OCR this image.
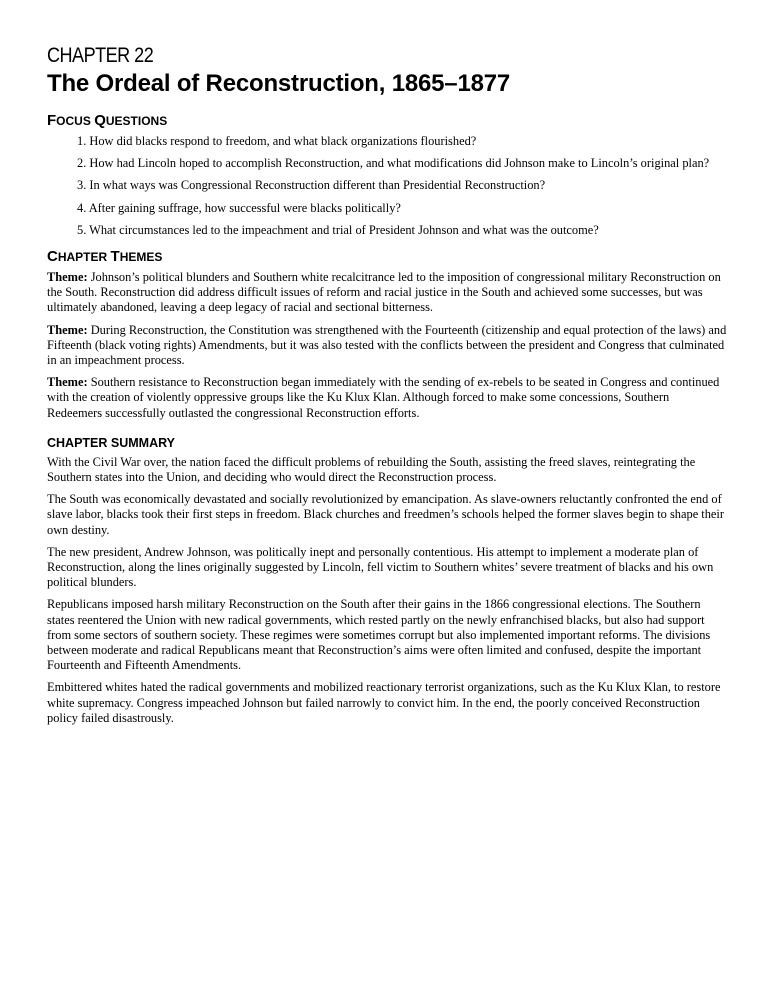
CHAPTER 22
The Ordeal of Reconstruction, 1865–1877
FOCUS QUESTIONS
1. How did blacks respond to freedom, and what black organizations flourished?
2. How had Lincoln hoped to accomplish Reconstruction, and what modifications did Johnson make to Lincoln’s original plan?
3. In what ways was Congressional Reconstruction different than Presidential Reconstruction?
4. After gaining suffrage, how successful were blacks politically?
5. What circumstances led to the impeachment and trial of President Johnson and what was the outcome?
CHAPTER THEMES

Theme: Johnson’s political blunders and Southern white recalcitrance led to the imposition of congressional military Reconstruction on the South. Reconstruction did address difficult issues of reform and racial justice in the South and achieved some successes, but was ultimately abandoned, leaving a deep legacy of racial and sectional bitterness.

Theme: During Reconstruction, the Constitution was strengthened with the Fourteenth (citizenship and equal protection of the laws) and Fifteenth (black voting rights) Amendments, but it was also tested with the conflicts between the president and Congress that culminated in an impeachment process.

Theme: Southern resistance to Reconstruction began immediately with the sending of ex-rebels to be seated in Congress and continued with the creation of violently oppressive groups like the Ku Klux Klan. Although forced to make some concessions, Southern Redeemers successfully outlasted the congressional Reconstruction efforts.

CHAPTER SUMMARY

With the Civil War over, the nation faced the difficult problems of rebuilding the South, assisting the freed slaves, reintegrating the Southern states into the Union, and deciding who would direct the Reconstruction process.

The South was economically devastated and socially revolutionized by emancipation. As slave-owners reluctantly confronted the end of slave labor, blacks took their first steps in freedom. Black churches and freedmen’s schools helped the former slaves begin to shape their own destiny.

The new president, Andrew Johnson, was politically inept and personally contentious. His attempt to implement a moderate plan of Reconstruction, along the lines originally suggested by Lincoln, fell victim to Southern whites’ severe treatment of blacks and his own political blunders.

Republicans imposed harsh military Reconstruction on the South after their gains in the 1866 congressional elections. The Southern states reentered the Union with new radical governments, which rested partly on the newly enfranchised blacks, but also had support from some sectors of southern society. These regimes were sometimes corrupt but also implemented important reforms. The divisions between moderate and radical Republicans meant that Reconstruction’s aims were often limited and confused, despite the important Fourteenth and Fifteenth Amendments.

Embittered whites hated the radical governments and mobilized reactionary terrorist organizations, such as the Ku Klux Klan, to restore white supremacy. Congress impeached Johnson but failed narrowly to convict him. In the end, the poorly conceived Reconstruction policy failed disastrously.
